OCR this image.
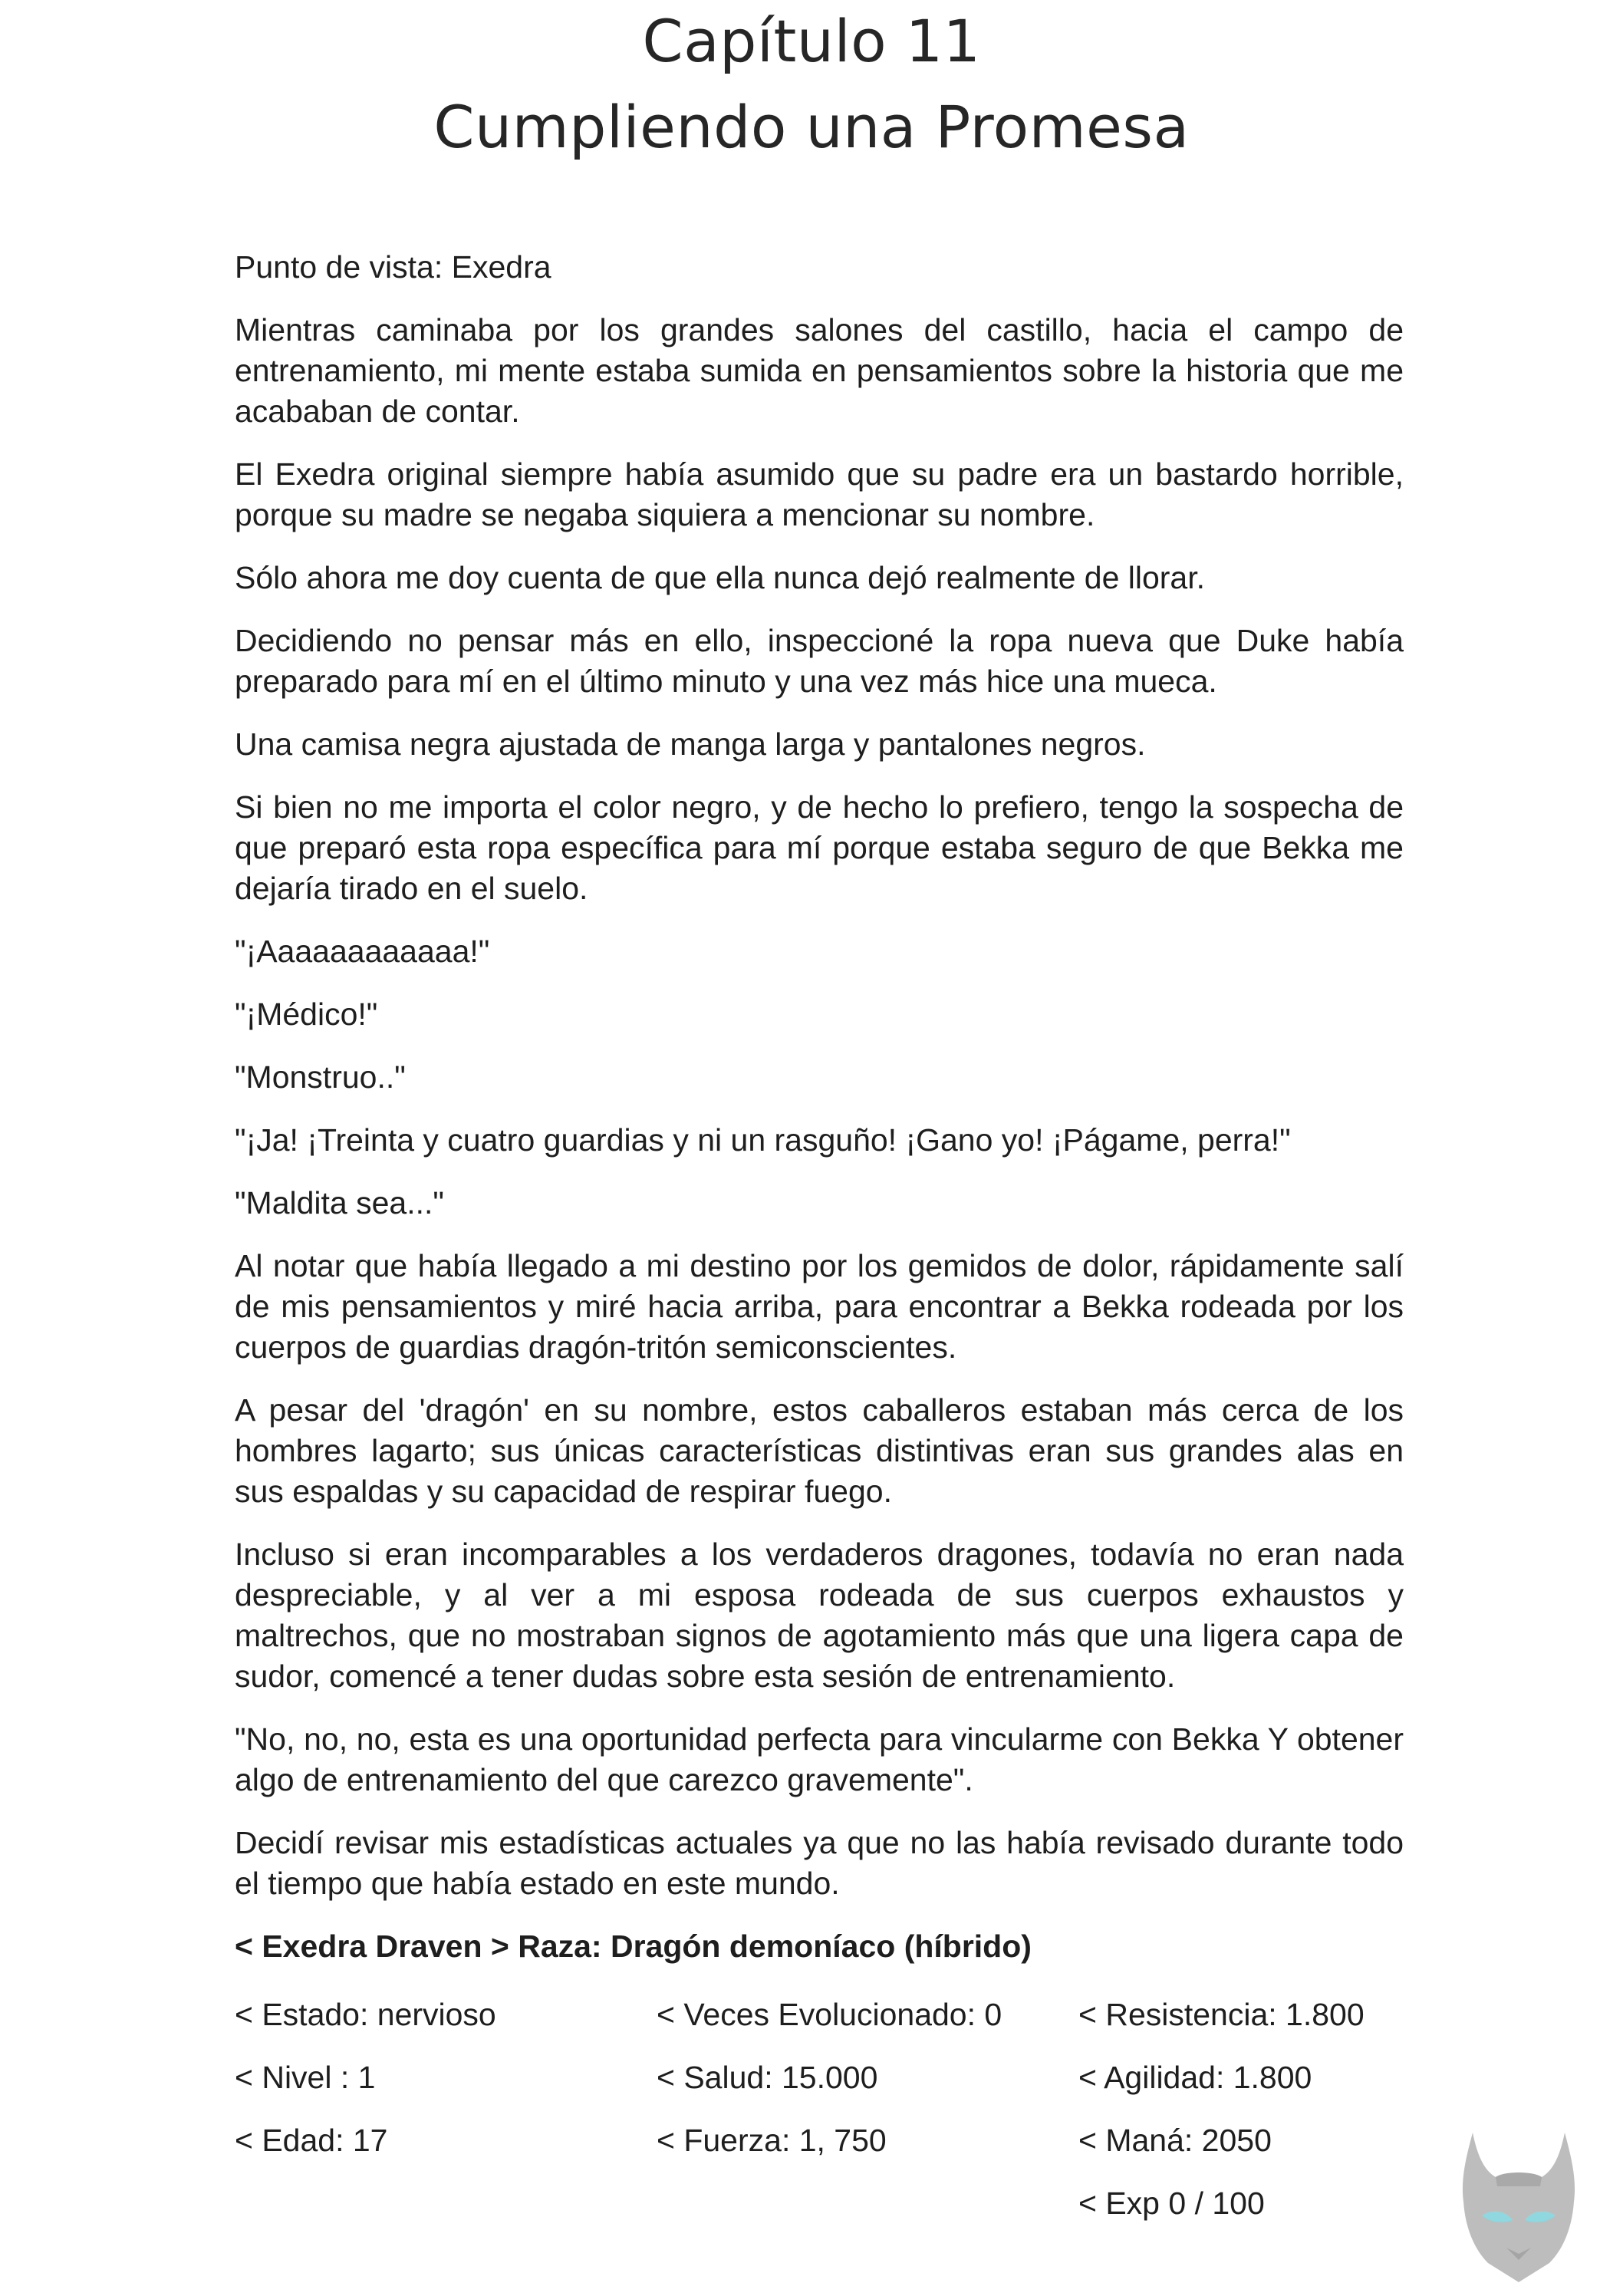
Capítulo 11
Cumpliendo una Promesa

Punto de vista: Exedra

Mientras caminaba por los grandes salones del castillo, hacia el campo de entrenamiento, mi mente estaba sumida en pensamientos sobre la historia que me acababan de contar.

El Exedra original siempre había asumido que su padre era un bastardo horrible, porque su madre se negaba siquiera a mencionar su nombre.

Sólo ahora me doy cuenta de que ella nunca dejó realmente de llorar.

Decidiendo no pensar más en ello, inspeccioné la ropa nueva que Duke había preparado para mí en el último minuto y una vez más hice una mueca.

Una camisa negra ajustada de manga larga y pantalones negros.

Si bien no me importa el color negro, y de hecho lo prefiero, tengo la sospecha de que preparó esta ropa específica para mí porque estaba seguro de que Bekka me dejaría tirado en el suelo.

"¡Aaaaaaaaaaaa!"

"¡Médico!"

"Monstruo.."

"¡Ja! ¡Treinta y cuatro guardias y ni un rasguño! ¡Gano yo! ¡Págame, perra!"

"Maldita sea..."

Al notar que había llegado a mi destino por los gemidos de dolor, rápidamente salí de mis pensamientos y miré hacia arriba, para encontrar a Bekka rodeada por los cuerpos de guardias dragón-tritón semiconscientes.

A pesar del 'dragón' en su nombre, estos caballeros estaban más cerca de los hombres lagarto; sus únicas características distintivas eran sus grandes alas en sus espaldas y su capacidad de respirar fuego.

Incluso si eran incomparables a los verdaderos dragones, todavía no eran nada despreciable, y al ver a mi esposa rodeada de sus cuerpos exhaustos y maltrechos, que no mostraban signos de agotamiento más que una ligera capa de sudor, comencé a tener dudas sobre esta sesión de entrenamiento.

"No, no, no, esta es una oportunidad perfecta para vincularme con Bekka Y obtener algo de entrenamiento del que carezco gravemente".

Decidí revisar mis estadísticas actuales ya que no las había revisado durante todo el tiempo que había estado en este mundo.

< Exedra Draven > Raza: Dragón demoníaco (híbrido)

< Estado: nervioso
< Nivel : 1
< Edad: 17
< Veces Evolucionado: 0
< Salud: 15.000
< Fuerza: 1, 750
< Resistencia: 1.800
< Agilidad: 1.800
< Maná: 2050
< Exp 0 / 100
